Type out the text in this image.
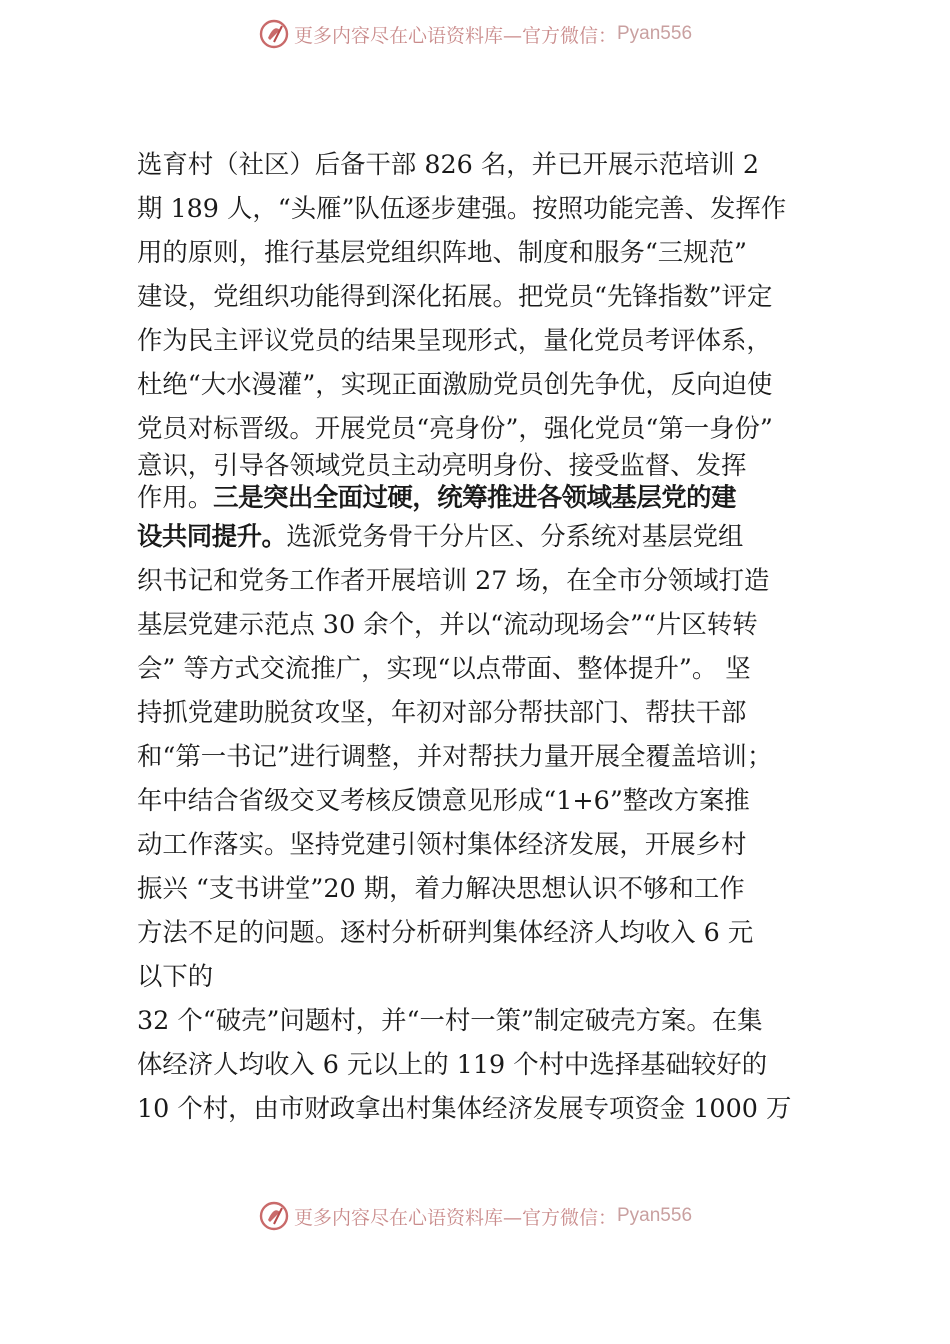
更多内容尽在心语资料库—官方微信： Pyan556
选育村（社区）后备干部 826 名，并已开展示范培训 2
期 189 人，“头雁”队伍逐步建强。按照功能完善、发挥作
用的原则，推行基层党组织阵地、制度和服务“三规范”
建设，党组织功能得到深化拓展。把党员“先锋指数”评定
作为民主评议党员的结果呈现形式，量化党员考评体系，
杜绝“大水漫灌”，实现正面激励党员创先争优，反向迫使
党员对标晋级。开展党员“亮身份”，强化党员“第一身份”
意识，引导各领域党员主动亮明身份、接受监督、发挥
作用。三是突出全面过硬，统筹推进各领域基层党的建
设共同提升。选派党务骨干分片区、分系统对基层党组
织书记和党务工作者开展培训 27 场，在全市分领域打造
基层党建示范点 30 余个，并以“流动现场会”“片区转转
会” 等方式交流推广，实现“以点带面、整体提升”。 坚
持抓党建助脱贫攻坚，年初对部分帮扶部门、帮扶干部
和“第一书记”进行调整，并对帮扶力量开展全覆盖培训；
年中结合省级交叉考核反馈意见形成“1+6”整改方案推
动工作落实。坚持党建引领村集体经济发展，开展乡村
振兴 “支书讲堂”20 期，着力解决思想认识不够和工作
方法不足的问题。逐村分析研判集体经济人均收入 6 元
以下的
32 个“破壳”问题村，并“一村一策”制定破壳方案。在集
体经济人均收入 6 元以上的 119 个村中选择基础较好的
10 个村，由市财政拿出村集体经济发展专项资金 1000 万
更多内容尽在心语资料库—官方微信： Pyan556
